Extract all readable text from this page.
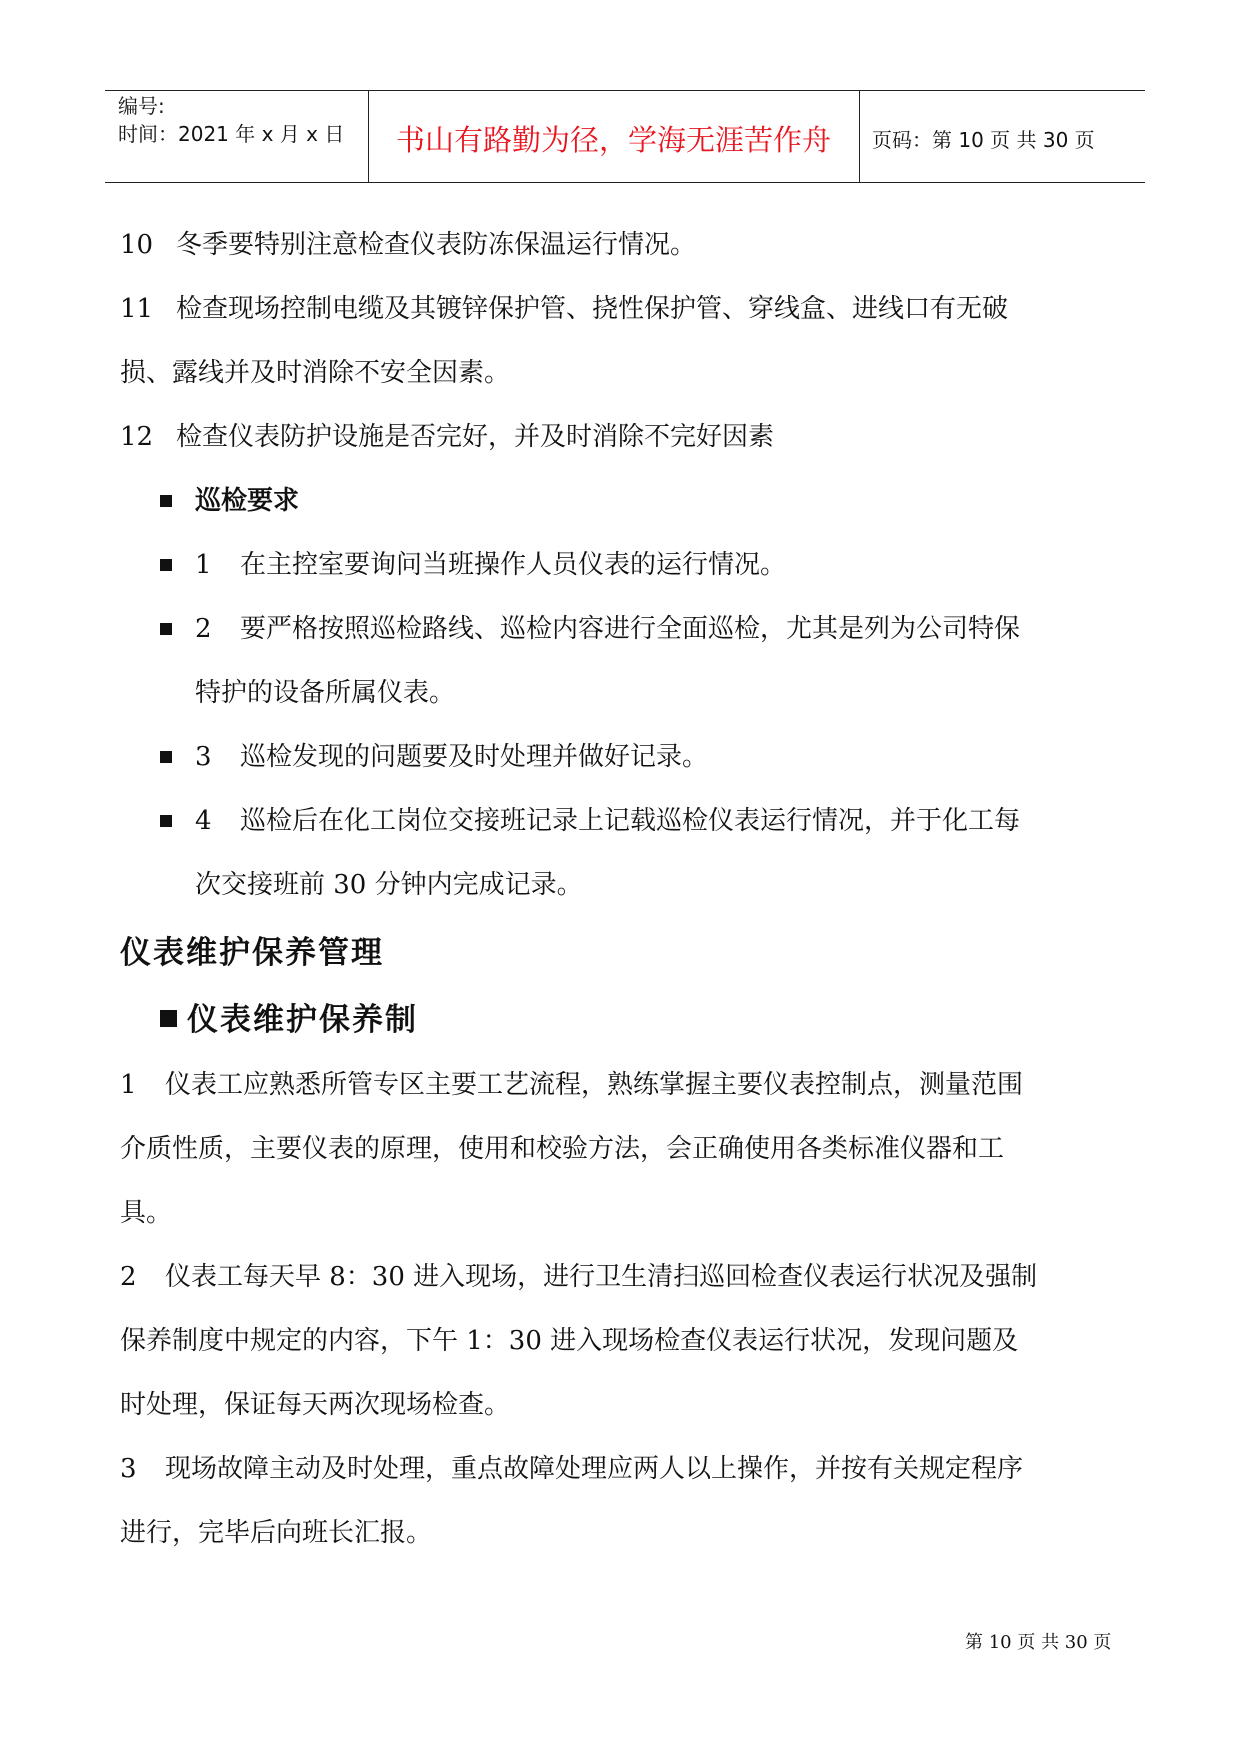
编号:
时间：2021 年 x 月 x 日	书山有路勤为径，学海无涯苦作舟	页码：第 10 页 共 30 页

10 冬季要特别注意检查仪表防冻保温运行情况。

11 检查现场控制电缆及其镀锌保护管、挠性保护管、穿线盒、进线口有无破

损、露线并及时消除不安全因素。

12 检查仪表防护设施是否完好，并及时消除不完好因素

巡检要求

1 在主控室要询问当班操作人员仪表的运行情况。

2 要严格按照巡检路线、巡检内容进行全面巡检，尤其是列为公司特保

特护的设备所属仪表。

3 巡检发现的问题要及时处理并做好记录。

4 巡检后在化工岗位交接班记录上记载巡检仪表运行情况，并于化工每

次交接班前 30 分钟内完成记录。

仪表维护保养管理
仪表维护保养制

1 仪表工应熟悉所管专区主要工艺流程，熟练掌握主要仪表控制点，测量范围

介质性质，主要仪表的原理，使用和校验方法，会正确使用各类标准仪器和工

具。

2 仪表工每天早 8：30 进入现场，进行卫生清扫巡回检查仪表运行状况及强制

保养制度中规定的内容，下午 1：30 进入现场检查仪表运行状况，发现问题及

时处理，保证每天两次现场检查。

3 现场故障主动及时处理，重点故障处理应两人以上操作，并按有关规定程序

进行，完毕后向班长汇报。

第 10 页 共 30 页
